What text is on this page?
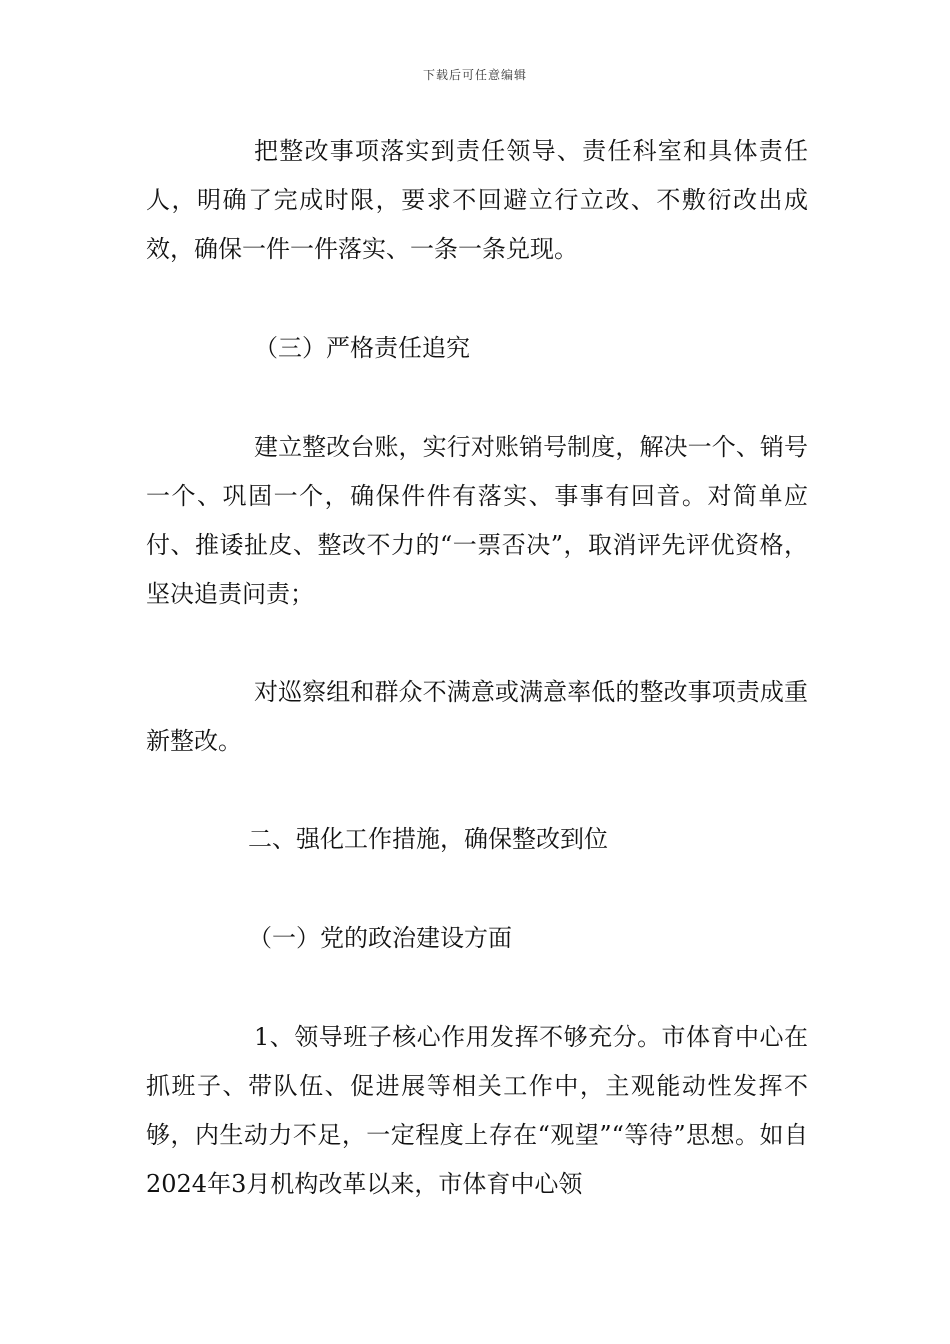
下载后可任意编辑

把整改事项落实到责任领导、责任科室和具体责任人，明确了完成时限，要求不回避立行立改、不敷衍改出成效，确保一件一件落实、一条一条兑现。

（三）严格责任追究

建立整改台账，实行对账销号制度，解决一个、销号一个、巩固一个，确保件件有落实、事事有回音。对简单应付、推诿扯皮、整改不力的“一票否决”，取消评先评优资格，坚决追责问责；

对巡察组和群众不满意或满意率低的整改事项责成重新整改。

二、强化工作措施，确保整改到位

（一）党的政治建设方面

1、领导班子核心作用发挥不够充分。市体育中心在抓班子、带队伍、促进展等相关工作中，主观能动性发挥不够，内生动力不足，一定程度上存在“观望”“等待”思想。如自2024年3月机构改革以来，市体育中心领
